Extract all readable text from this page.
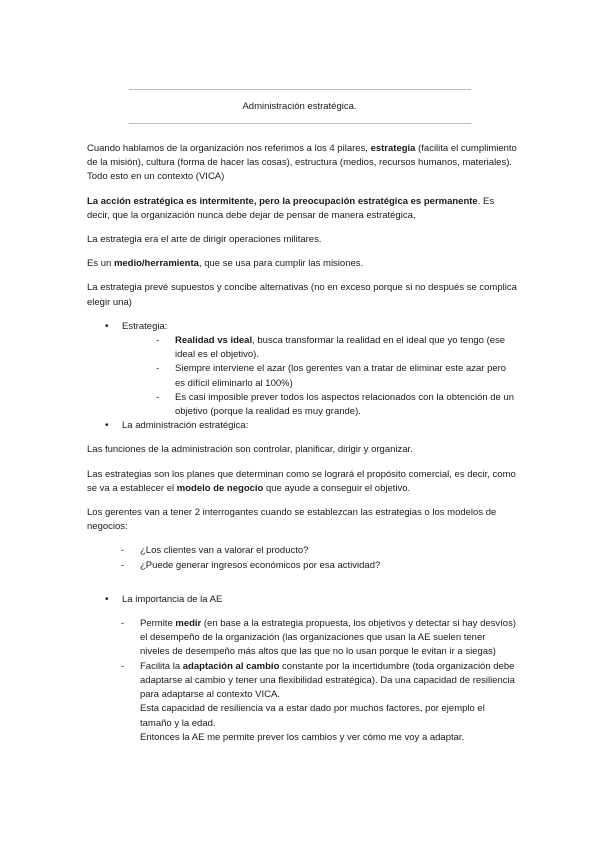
Administración estratégica.

Cuando hablamos de la organización nos referimos a los 4 pilares, estrategia (facilita el cumplimiento de la misión), cultura (forma de hacer las cosas), estructura (medios, recursos humanos, materiales). Todo esto en un contexto (VICA)

La acción estratégica es intermitente, pero la preocupación estratégica es permanente. Es decir, que la organización nunca debe dejar de pensar de manera estratégica,

La estrategia era el arte de dirigir operaciones militares.

Es un medio/herramienta, que se usa para cumplir las misiones.

La estrategia prevé supuestos y concibe alternativas (no en exceso porque si no después se complica elegir una)

• Estrategia:
- Realidad vs ideal, busca transformar la realidad en el ideal que yo tengo (ese ideal es el objetivo).
- Siempre interviene el azar (los gerentes van a tratar de eliminar este azar pero es difícil eliminarlo al 100%)
- Es casi imposible prever todos los aspectos relacionados con la obtención de un objetivo (porque la realidad es muy grande).
• La administración estratégica:

Las funciones de la administración son controlar, planificar, dirigir y organizar.

Las estrategias son los planes que determinan como se logrará el propósito comercial, es decir, como se va a establecer el modelo de negocio que ayude a conseguir el objetivo.

Los gerentes van a tener 2 interrogantes cuando se establezcan las estrategias o los modelos de negocios:

- ¿Los clientes van a valorar el producto?
- ¿Puede generar ingresos económicos por esa actividad?
• La importancia de la AE
- Permite medir (en base a la estrategia propuesta, los objetivos y detectar si hay desvíos) el desempeño de la organización (las organizaciones que usan la AE suelen tener niveles de desempeño más altos que las que no lo usan porque le evitan ir a siegas)
- Facilita la adaptación al cambio constante por la incertidumbre (toda organización debe adaptarse al cambio y tener una flexibilidad estratégica). Da una capacidad de resiliencia para adaptarse al contexto VICA.
Esta capacidad de resiliencia va a estar dado por muchos factores, por ejemplo el tamaño y la edad.
Entonces la AE me permite prever los cambios y ver cómo me voy a adaptar.
